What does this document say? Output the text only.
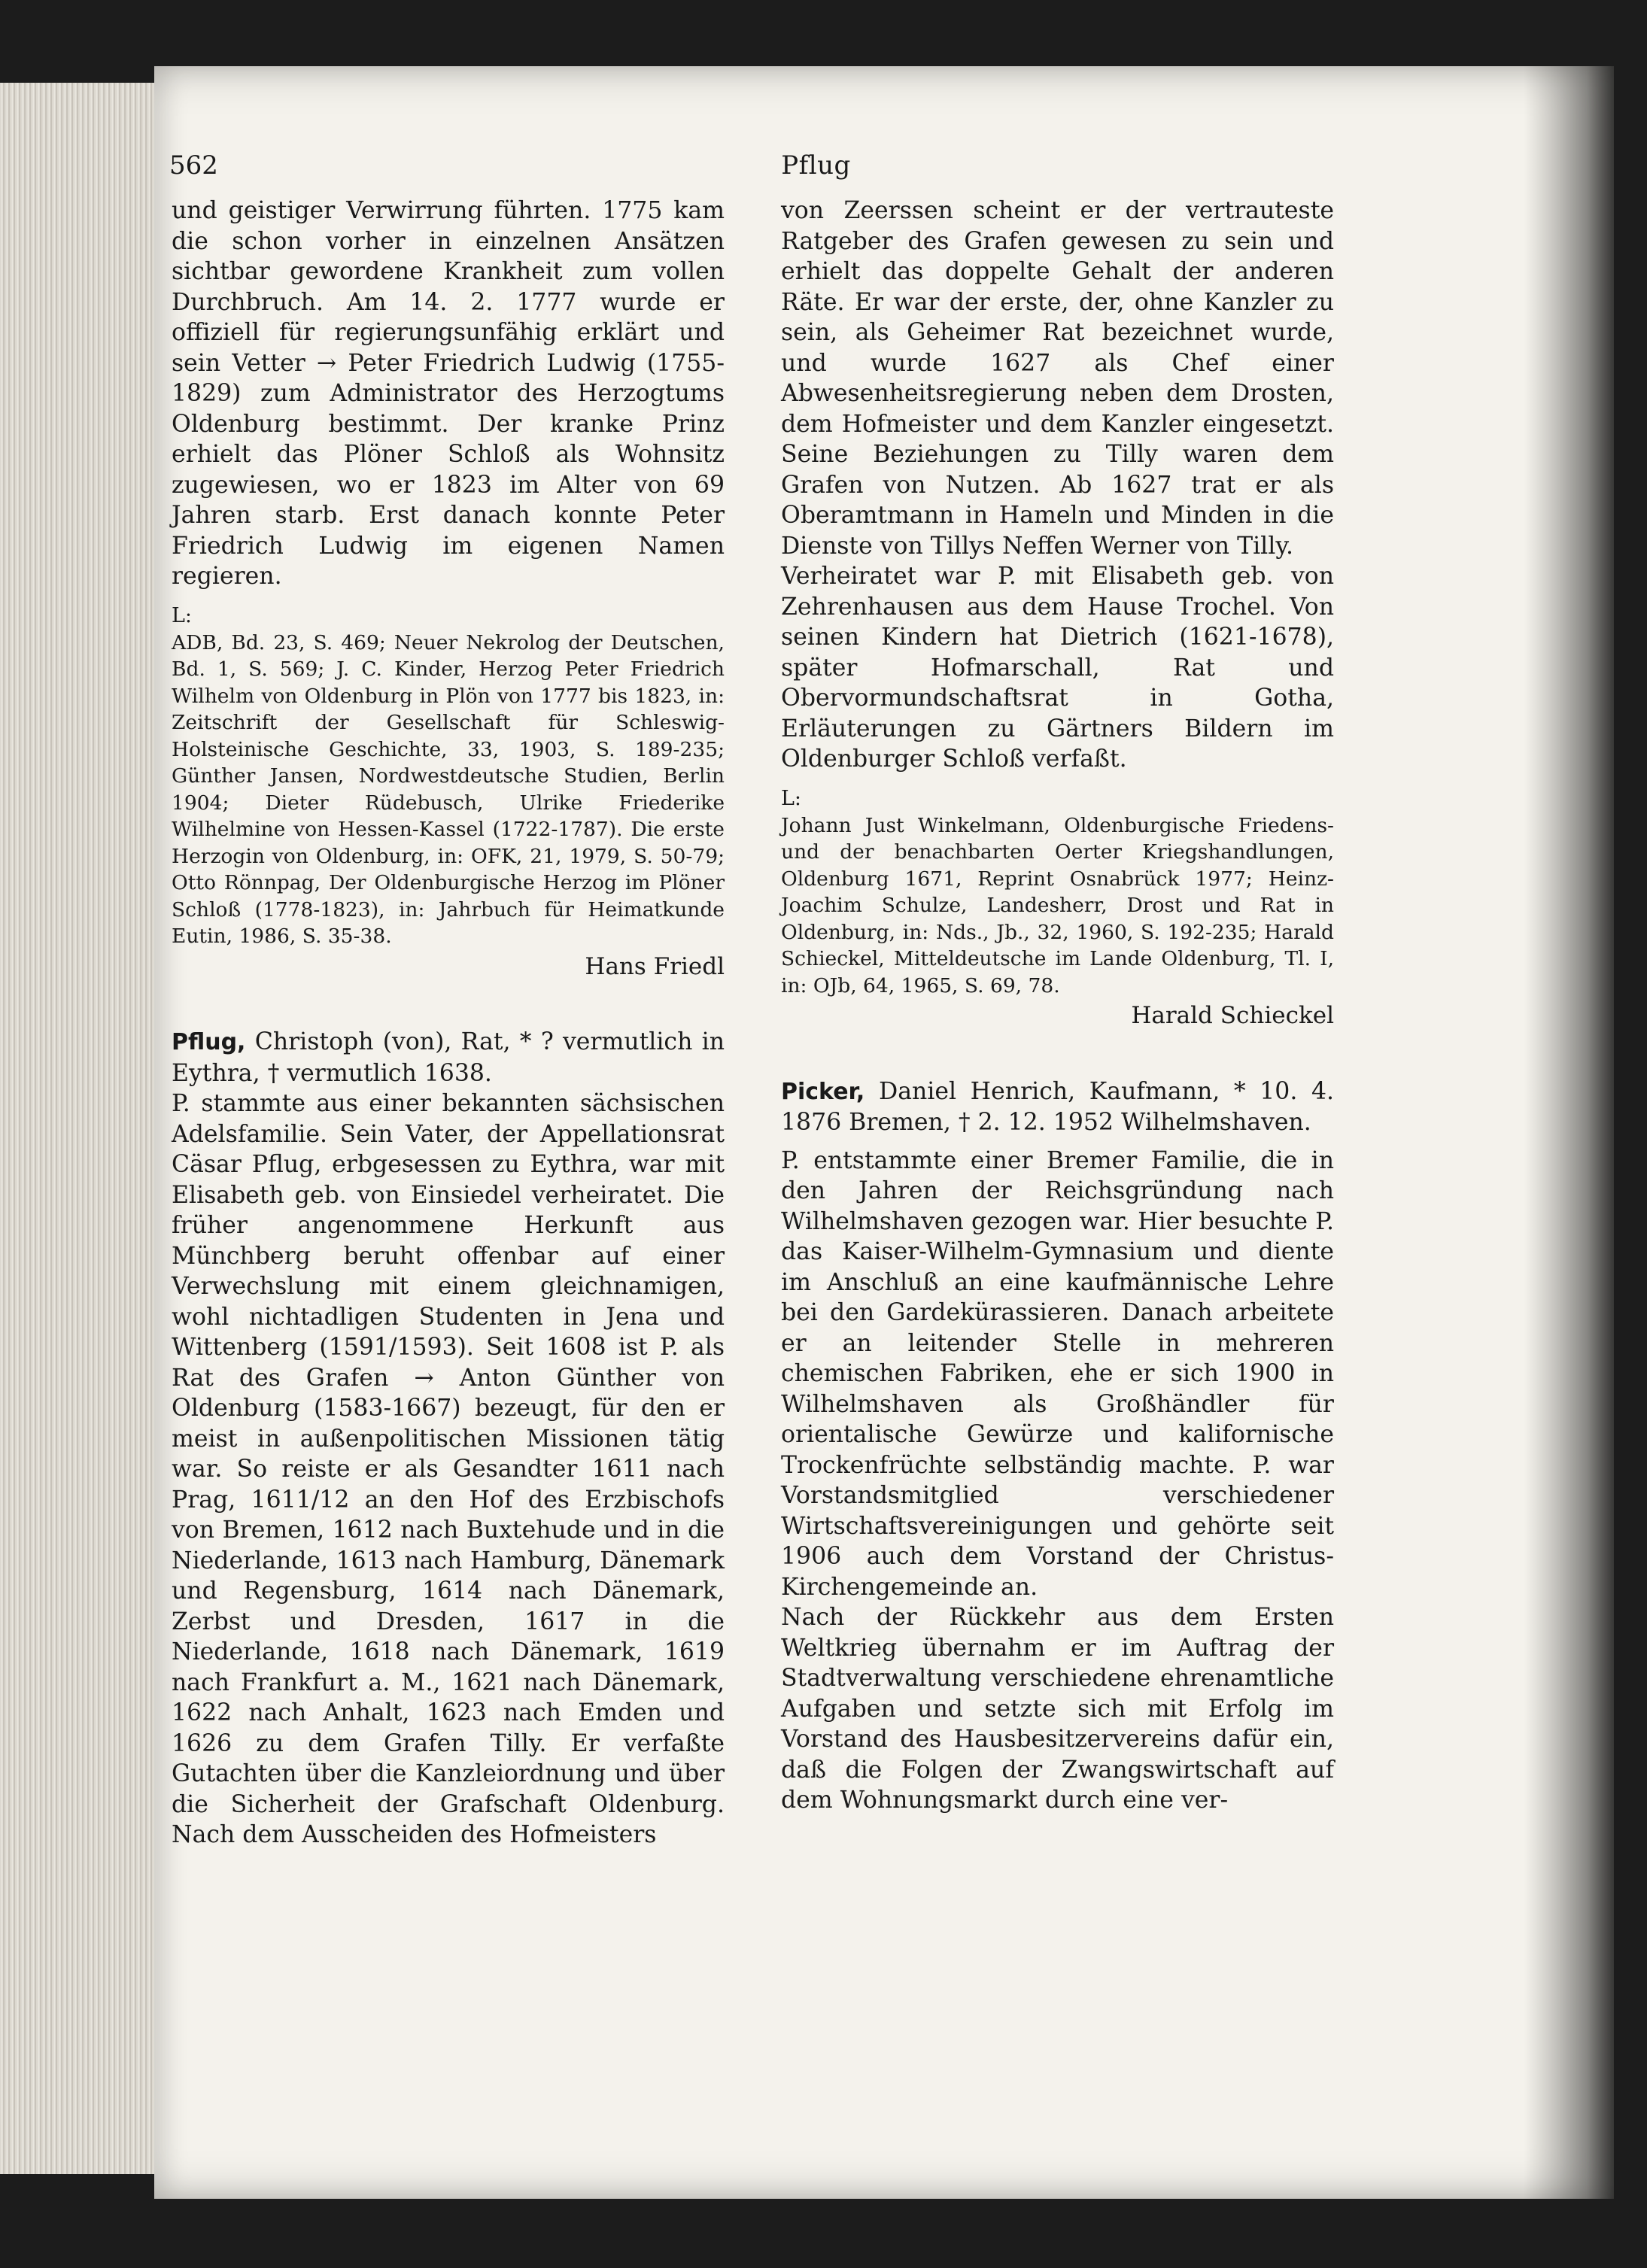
562	Pflug

und geistiger Verwirrung führten. 1775 kam die schon vorher in einzelnen Ansätzen sichtbar gewordene Krankheit zum vollen Durchbruch. Am 14. 2. 1777 wurde er offiziell für regierungsunfähig erklärt und sein Vetter → Peter Friedrich Ludwig (1755-1829) zum Administrator des Herzogtums Oldenburg bestimmt. Der kranke Prinz erhielt das Plöner Schloß als Wohnsitz zugewiesen, wo er 1823 im Alter von 69 Jahren starb. Erst danach konnte Peter Friedrich Ludwig im eigenen Namen regieren.

L:

ADB, Bd. 23, S. 469; Neuer Nekrolog der Deutschen, Bd. 1, S. 569; J. C. Kinder, Herzog Peter Friedrich Wilhelm von Oldenburg in Plön von 1777 bis 1823, in: Zeitschrift der Gesellschaft für Schleswig-Holsteinische Geschichte, 33, 1903, S. 189-235; Günther Jansen, Nordwestdeutsche Studien, Berlin 1904; Dieter Rüdebusch, Ulrike Friederike Wilhelmine von Hessen-Kassel (1722-1787). Die erste Herzogin von Oldenburg, in: OFK, 21, 1979, S. 50-79; Otto Rönnpag, Der Oldenburgische Herzog im Plöner Schloß (1778-1823), in: Jahrbuch für Heimatkunde Eutin, 1986, S. 35-38.

Hans Friedl

Pflug, Christoph (von), Rat, * ? vermutlich in Eythra, † vermutlich 1638.

P. stammte aus einer bekannten sächsischen Adelsfamilie. Sein Vater, der Appellationsrat Cäsar Pflug, erbgesessen zu Eythra, war mit Elisabeth geb. von Einsiedel verheiratet. Die früher angenommene Herkunft aus Münchberg beruht offenbar auf einer Verwechslung mit einem gleichnamigen, wohl nichtadligen Studenten in Jena und Wittenberg (1591/1593). Seit 1608 ist P. als Rat des Grafen → Anton Günther von Oldenburg (1583-1667) bezeugt, für den er meist in außenpolitischen Missionen tätig war. So reiste er als Gesandter 1611 nach Prag, 1611/12 an den Hof des Erzbischofs von Bremen, 1612 nach Buxtehude und in die Niederlande, 1613 nach Hamburg, Dänemark und Regensburg, 1614 nach Dänemark, Zerbst und Dresden, 1617 in die Niederlande, 1618 nach Dänemark, 1619 nach Frankfurt a. M., 1621 nach Dänemark, 1622 nach Anhalt, 1623 nach Emden und 1626 zu dem Grafen Tilly. Er verfaßte Gutachten über die Kanzleiordnung und über die Sicherheit der Grafschaft Oldenburg. Nach dem Ausscheiden des Hofmeisters

von Zeerssen scheint er der vertrauteste Ratgeber des Grafen gewesen zu sein und erhielt das doppelte Gehalt der anderen Räte. Er war der erste, der, ohne Kanzler zu sein, als Geheimer Rat bezeichnet wurde, und wurde 1627 als Chef einer Abwesenheitsregierung neben dem Drosten, dem Hofmeister und dem Kanzler eingesetzt. Seine Beziehungen zu Tilly waren dem Grafen von Nutzen. Ab 1627 trat er als Oberamtmann in Hameln und Minden in die Dienste von Tillys Neffen Werner von Tilly.

Verheiratet war P. mit Elisabeth geb. von Zehrenhausen aus dem Hause Trochel. Von seinen Kindern hat Dietrich (1621-1678), später Hofmarschall, Rat und Obervormundschaftsrat in Gotha, Erläuterungen zu Gärtners Bildern im Oldenburger Schloß verfaßt.

L:

Johann Just Winkelmann, Oldenburgische Friedens- und der benachbarten Oerter Kriegshandlungen, Oldenburg 1671, Reprint Osnabrück 1977; Heinz-Joachim Schulze, Landesherr, Drost und Rat in Oldenburg, in: Nds., Jb., 32, 1960, S. 192-235; Harald Schieckel, Mitteldeutsche im Lande Oldenburg, Tl. I, in: OJb, 64, 1965, S. 69, 78.

Harald Schieckel

Picker, Daniel Henrich, Kaufmann, * 10. 4. 1876 Bremen, † 2. 12. 1952 Wilhelmshaven.

P. entstammte einer Bremer Familie, die in den Jahren der Reichsgründung nach Wilhelmshaven gezogen war. Hier besuchte P. das Kaiser-Wilhelm-Gymnasium und diente im Anschluß an eine kaufmännische Lehre bei den Gardekürassieren. Danach arbeitete er an leitender Stelle in mehreren chemischen Fabriken, ehe er sich 1900 in Wilhelmshaven als Großhändler für orientalische Gewürze und kalifornische Trockenfrüchte selbständig machte. P. war Vorstandsmitglied verschiedener Wirtschaftsvereinigungen und gehörte seit 1906 auch dem Vorstand der Christus-Kirchengemeinde an.

Nach der Rückkehr aus dem Ersten Weltkrieg übernahm er im Auftrag der Stadtverwaltung verschiedene ehrenamtliche Aufgaben und setzte sich mit Erfolg im Vorstand des Hausbesitzervereins dafür ein, daß die Folgen der Zwangswirtschaft auf dem Wohnungsmarkt durch eine ver-
